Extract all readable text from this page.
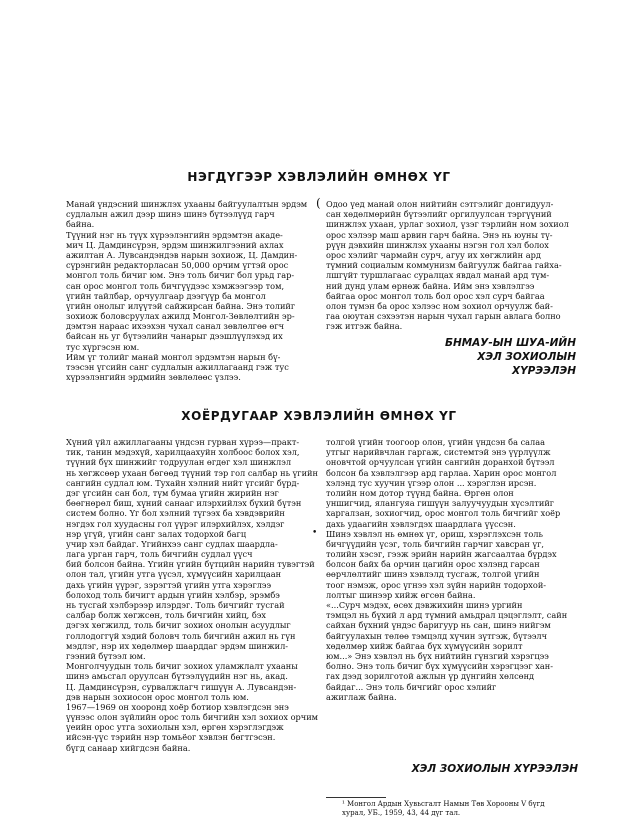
НЭГДҮГЭЭР ХЭВЛЭЛИЙН ӨМНӨХ ҮГ
(
Манай үндэсний шинжлэх ухааны байгуулалтын эрдэм
судлалын ажил дээр шинэ шинэ бүтээлүүд гарч
байна.
Түүний нэг нь түүх хүрээлэнгийн эрдэмтэн акаде-
мич Ц. Дамдинсүрэн, эрдэм шинжилгээний ахлах
ажилтан А. Лувсандэндэв нарын зохиож, Ц. Дамдин-
сүрэнгийн редакторласан 50,000 орчим үгтэй орос
монгол толь бичиг юм. Энэ толь бичиг бол урьд гар-
сан орос монгол толь бичгүүдээс хэмжээгээр том,
үгийн тайлбар, орчуулгаар дээгүүр ба монгол
үгийн онолыг илүүтэй сайжирсан байна. Энэ толийг
зохиож боловсруулах ажилд Монгол-Зөвлөлтийн эр-
дэмтэн нараас ихээхэн чухал санал зөвлөлгөө өгч
байсан нь уг бүтээлийн чанарыг дээшлүүлэхэд их
тус хүргэсэн юм.
Ийм үг толийг манай монгол эрдэмтэн нарын бү-
тээсэн үгсийн санг судлалын ажиллагаанд гэж тус
хүрээлэнгийн эрдмийн зөвлөлөөс үзлээ.
Одоо үед манай олон нийтийн сэтгэлийг донгидуул-
сан хөдөлмөрийн бүтээлийг оргилуулсан тэргүүний
шинжлэх ухаан, урлаг зохиол, үзэг тэрлийн ном зохиол
орос хэлээр маш арвин гарч байна. Энэ нь юуны тү-
рүүн дэвхийн шинжлэх ухааны нэгэн гол хэл болох
орос хэлийг чармайн сурч, агуу их хөгжлийн ард
түмний социалым коммунизм байгуулж байгаа гайха-
лшгүйт туршлагаас суралцах явдал манай ард түм-
ний дунд улам өрнөж байна. Ийм энэ хэвлэлгээ
байгаа орос монгол толь бол орос хэл сурч байгаа
олон түмэн ба орос хэлээс ном зохиол орчуулж бай-
гаа оюутан сэхээтэн нарын чухал гарын авлага болно
гэж итгэж байна.
БНМАУ-ЫН ШУА-ИЙН
ХЭЛ ЗОХИОЛЫН
ХҮРЭЭЛЭН
ХОЁРДУГААР ХЭВЛЭЛИЙН ӨМНӨХ ҮГ
Хүний үйл ажиллагааны үндсэн гурван хүрээ—практ-
тик, танин мэдэхүй, харилцаахуйн холбоос болох хэл,
түүний бүх шинжийг тодруулан өгдөг хэл шинжлэл
нь хөгжсөөр ухаан бөгөөд түүний тэр гол салбар нь үгийн
сангийн судлал юм. Тухайн хэлний нийт үгсийг бүрд-
дэг үгсийн сан бол, түм бумаа үгийн жирийн нэг
бөөгнөрөл биш, хүний санааг илэрхийлэх бүхий бүтэн
систем болно. Үг бол хэлний түгээх ба хэвдэврийн
нэгдэх гол хуудасны гол үүрэг илэрхийлэх, хэлдэг
нэр үгүй, үгийн санг залах тодорхой багц
учир хэл байдаг. Үгийнхээ санг судлах шаардла-
лага урган гарч, толь бичгийн судлал үүсч
бий болсон байна. Үгийн үгийн бүтцийн нарийн тувэгтэй
олон тал, үгийн утга үүсэл, хүмүүсийн харилцаан
дахь үгийн үүрэг, зэрэгтэй үгийн утга хэрэглээ
болоход толь бичигт ардын үгийн хэлбэр, эрэмбэ
нь тусгай хэлбэрээр илэрдэг. Толь бичгийг тусгай
салбар болж хөгжсөн, толь бичгийн хийц, бэх
дэгэх хөгжилд, толь бичиг зохиох онолын асуудлыг
голлодоггүй хэдий боловч толь бичгийн ажил нь гүн
мэдлэг, нэр их хөдөлмөр шаарддаг эрдэм шинжил-
гээний бүтээл юм.
Монголчуудын толь бичиг зохиох уламжлалт ухааны
шинэ амьсгал оруулсан бүтээлүүдийн нэг нь, акад.
Ц. Дамдинсүрэн, сурвалжлагч гишүүн А. Лувсандэн-
дэв нарын зохиосон орос монгол толь юм.
1967—1969 он хооронд хоёр ботиор хэвлэгдсэн энэ
үүнээс олон зүйлийн орос толь бичгийн хэл зохиох орчим
үеийн орос утга зохиолын хэл, өргөн хэрэглэгдэж
ийсэн-үүс тэрийн нэр томьёог хэвлэн бөгтгэсэн.
бүгд санаар хийгдсэн байна.
•
толгой үгийн тоогоор олон, үгийн үндсэн ба салаа
утгыг нарийвчлан гаргаж, системтэй энэ үүрлүүлж
оновчтой орчуулсан үгийн сангийн доранхой бүтээл
болсон ба хэвлэлгээр ард гарлаа. Харин орос монгол
хэлэнд тус хуучин үгээр олон ... хэрэглэн ирсэн.
толийн ном дотор түүнд байна. Өргөн олон
уншигчид, ялангуяа гишүүн залуучуудын хүсэлтийг
харгалзан, зохиогчид, орос монгол толь бичгийг хоёр
дахь удаагийн хэвлэгдэх шаардлага үүссэн.
Шинэ хэвлэл нь өмнөх үг, ориш, хэрэглэхсэн толь
бичгүүдийн үсэг, толь бичгийн гарчиг хавсран үг,
толийн хэсэг, гээж эрийн нарийн жагсаалтаа бүрдэх
болсон байх ба орчин цагийн орос хэлэнд гарсан
өөрчлөлтийг шинэ хэвлэлд тусгаж, толгой үгийн
тоог нэмэж, орос үгнээ хэл зүйн нарийн тодорхой-
лолтыг шинээр хийж өгсөн байна.
«...Сурч мэдэх, өсөх дэвжихийн шинэ ургийн
тэмцэл нь бүхий л ард түмний амьдрал цэцэглэлт, сайн
сайхан бүхний үндэс баригуур нь сан, шинэ нийгэм
байгуулахын төлөө тэмцэлд хүчин зүтгэж, бүтээлч
хөдөлмөр хийж байгаа бүх хүмүүсийн зорилт
юм...» Энэ хэвлэл нь бүх нийтийн гүнзгий хэрэгцээ
болно. Энэ толь бичиг бүх хүмүүсийн хэрэгцээг хан-
гах дээд зорилготой ажлын үр дүнгийн хөлсөнд
байдаг... Энэ толь бичгийг орос хэлийг
ажиглаж байна.
ХЭЛ ЗОХИОЛЫН ХҮРЭЭЛЭН
¹ Монгол Ардын Хувьсгалт Намын Төв Хорооны V бүгд
хурал, УБ., 1959, 43, 44 дүг тал.
